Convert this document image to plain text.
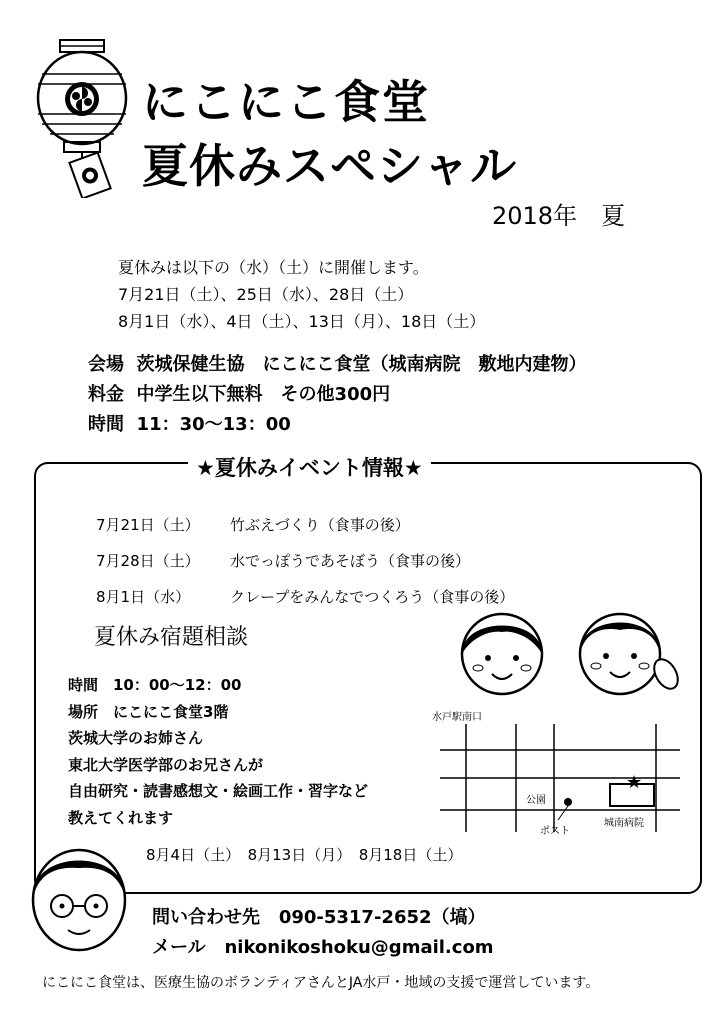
にこにこ食堂
夏休みスペシャル
2018年　夏
夏休みは以下の（水）（土）に開催します。
7月21日（土）、25日（水）、28日（土）
8月1日（水）、4日（土）、13日（月）、18日（土）
会場 茨城保健生協　にこにこ食堂（城南病院　敷地内建物）
料金 中学生以下無料　その他300円
時間 11：30〜13：00
★夏休みイベント情報★
7月21日（土） 竹ぶえづくり（食事の後）
7月28日（土） 水でっぽうであそぼう（食事の後）
8月1日（水）	クレープをみんなでつくろう（食事の後）
夏休み宿題相談
時間　10：00〜12：00
場所　にこにこ食堂3階
茨城大学のお姉さん
東北大学医学部のお兄さんが
自由研究・読書感想文・絵画工作・習字など
教えてくれます
8月4日（土）　8月13日（月）　8月18日（土）
水戸駅南口
★
公園
ポスト
城南病院
問い合わせ先 090-5317-2652（塙）
メール nikonikoshoku@gmail.com
にこにこ食堂は、医療生協のボランティアさんとJA水戸・地域の支援で運営しています。
